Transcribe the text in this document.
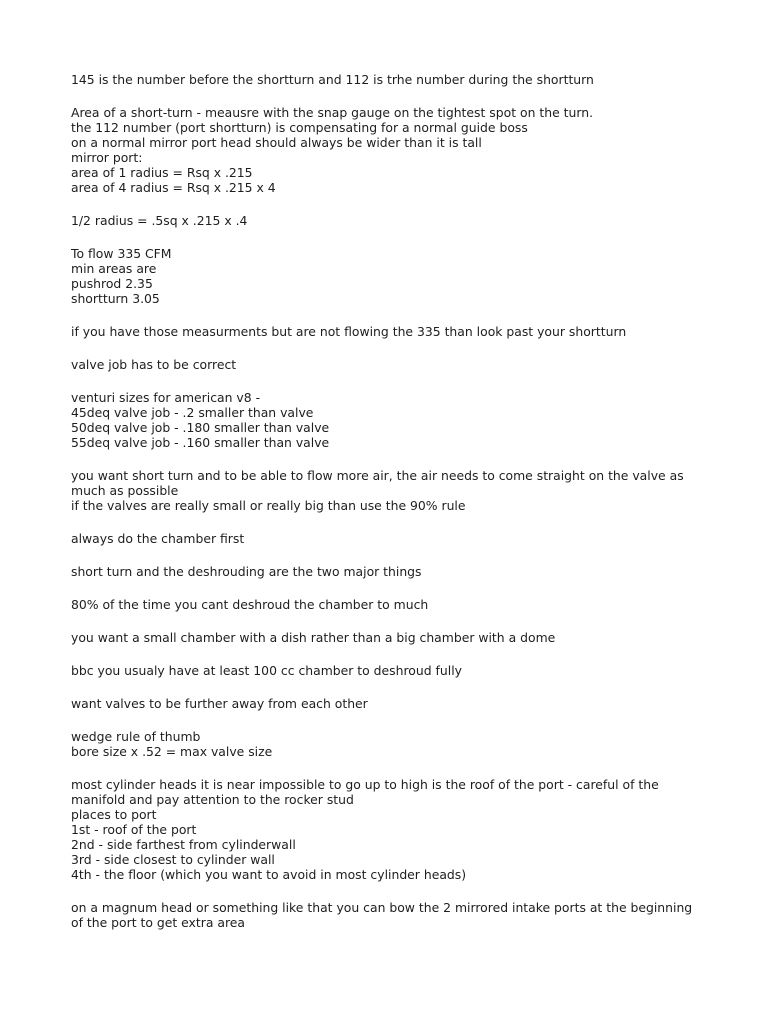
145 is the number before the shortturn and 112 is trhe number during the shortturn
Area of a short-turn - meausre with the snap gauge on the tightest spot on the turn.
the 112 number (port shortturn) is compensating for a normal guide boss
on a normal mirror port head should always be wider than it is tall
mirror port:
area of 1 radius = Rsq x .215
area of 4 radius = Rsq x .215 x 4
1/2 radius = .5sq x .215 x .4
To flow 335 CFM
min areas are
pushrod 2.35
shortturn 3.05
if you have those measurments but are not flowing the 335 than look past your shortturn
valve job has to be correct
venturi sizes for american v8 -
45deq valve job - .2 smaller than valve
50deq valve job - .180 smaller than valve
55deq valve job - .160 smaller than valve
you want short turn and to be able to flow more air, the air needs to come straight on the valve as much as possible
if the valves are really small or really big than use the 90% rule
always do the chamber first
short turn and the deshrouding are the two major things
80% of the time you cant deshroud the chamber to much
you want a small chamber with a dish rather than a big chamber with a dome
bbc you usualy have at least 100 cc chamber to deshroud fully
want valves to be further away from each other
wedge rule of thumb
bore size x .52 = max valve size
most cylinder heads it is near impossible to go up to high is the roof of the port - careful of the manifold and pay attention to the rocker stud
places to port
1st - roof of the port
2nd - side farthest from cylinderwall
3rd - side closest to cylinder wall
4th - the floor (which you want to avoid in most cylinder heads)
on a magnum head or something like that you can bow the 2 mirrored intake ports at the beginning of the port to get extra area
